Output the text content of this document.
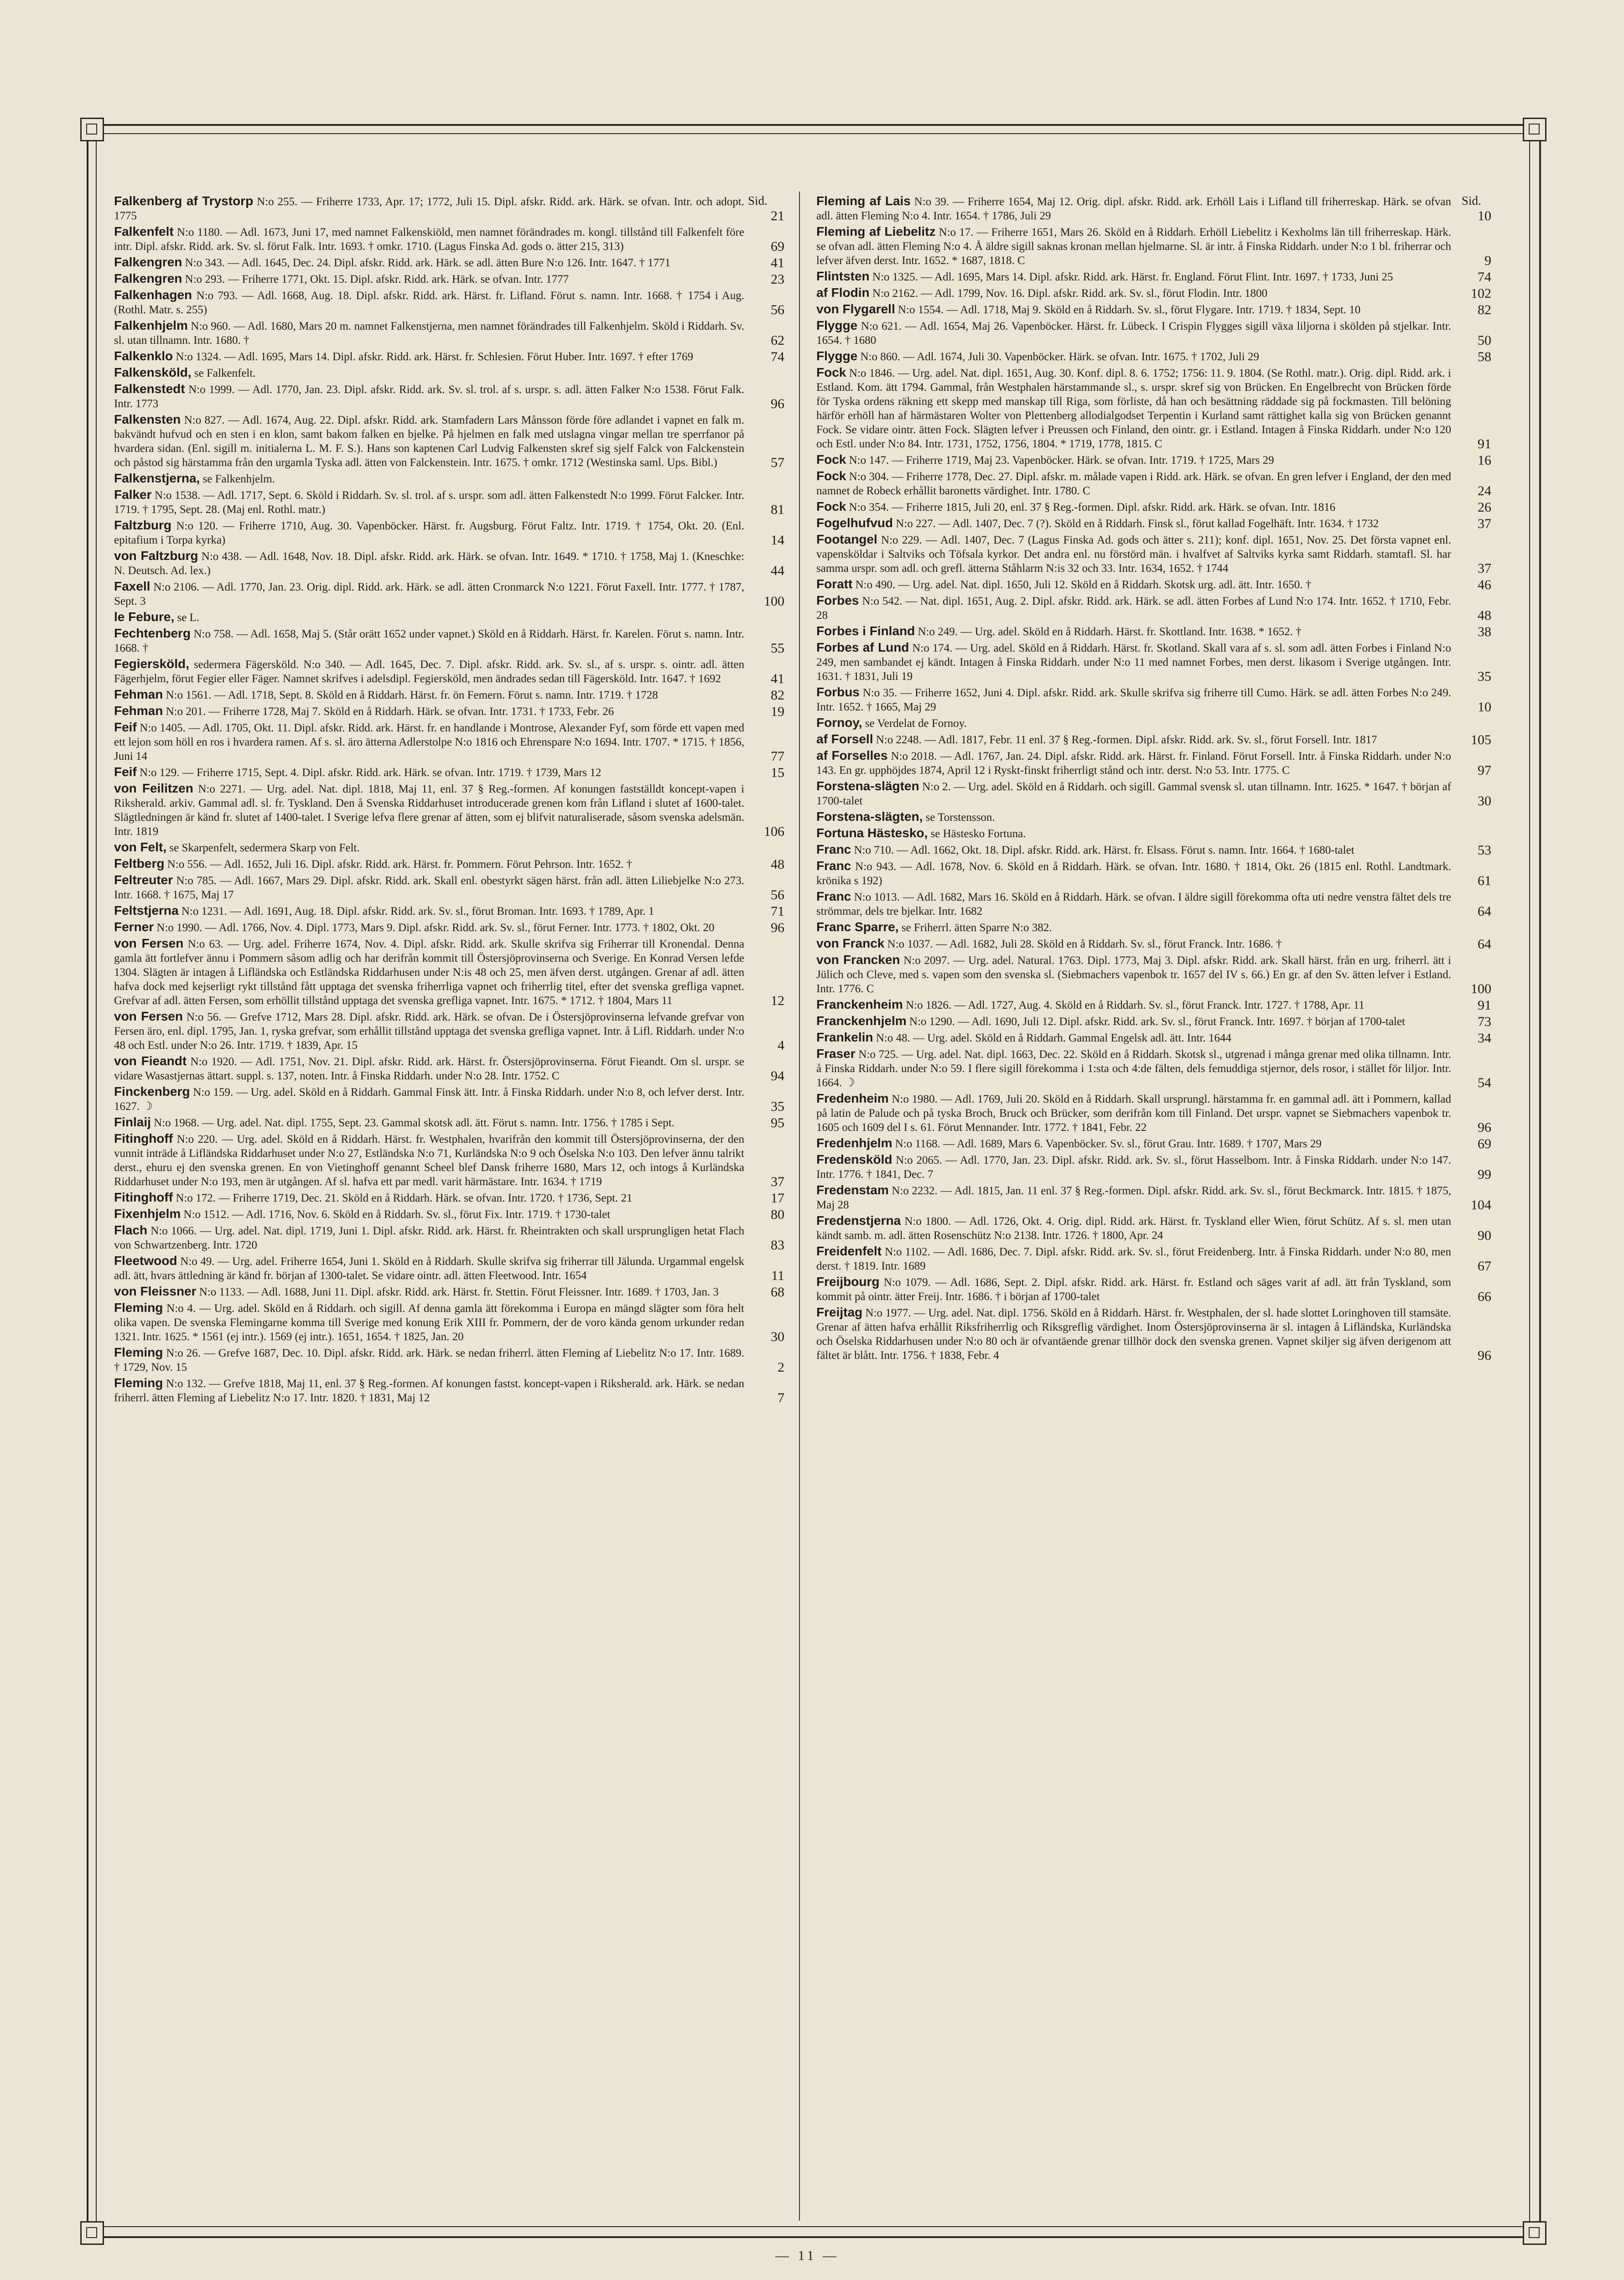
Sid.	Sid.
Falkenberg af Trystorp N:o 255. — Friherre 1733, Apr. 17; 1772, Juli 15. Dipl. afskr. Ridd. ark. Härk. se ofvan. Intr. och adopt. 1775	21
Falkenfelt N:o 1180. — Adl. 1673, Juni 17, med namnet Falkenskiöld, men namnet förändrades m. kongl. tillstånd till Falkenfelt före intr. Dipl. afskr. Ridd. ark. Sv. sl. förut Falk. Intr. 1693. † omkr. 1710. (Lagus Finska Ad. gods o. ätter 215, 313)	69
Falkengren N:o 343. — Adl. 1645, Dec. 24. Dipl. afskr. Ridd. ark. Härk. se adl. ätten Bure N:o 126. Intr. 1647. † 1771	41
Falkengren N:o 293. — Friherre 1771, Okt. 15. Dipl. afskr. Ridd. ark. Härk. se ofvan. Intr. 1777	23
Falkenhagen N:o 793. — Adl. 1668, Aug. 18. Dipl. afskr. Ridd. ark. Härst. fr. Lifland. Förut s. namn. Intr. 1668. † 1754 i Aug. (Rothl. Matr. s. 255)	56
Falkenhjelm N:o 960. — Adl. 1680, Mars 20 m. namnet Falkenstjerna, men namnet förändrades till Falkenhjelm. Sköld i Riddarh. Sv. sl. utan tillnamn. Intr. 1680. †	62
Falkenklo N:o 1324. — Adl. 1695, Mars 14. Dipl. afskr. Ridd. ark. Härst. fr. Schlesien. Förut Huber. Intr. 1697. † efter 1769	74
Falkensköld, se Falkenfelt.
Falkenstedt N:o 1999. — Adl. 1770, Jan. 23. Dipl. afskr. Ridd. ark. Sv. sl. trol. af s. urspr. s. adl. ätten Falker N:o 1538. Förut Falk. Intr. 1773	96
Falkensten N:o 827. — Adl. 1674, Aug. 22. Dipl. afskr. Ridd. ark. Stamfadern Lars Månsson förde före adlandet i vapnet en falk m. bakvändt hufvud och en sten i en klon, samt bakom falken en bjelke. På hjelmen en falk med utslagna vingar mellan tre sperrfanor på hvardera sidan. (Enl. sigill m. initialerna L. M. F. S.). Hans son kaptenen Carl Ludvig Falkensten skref sig sjelf Falck von Falckenstein och påstod sig härstamma från den urgamla Tyska adl. ätten von Falckenstein. Intr. 1675. † omkr. 1712 (Westinska saml. Ups. Bibl.)	57
Falkenstjerna, se Falkenhjelm.
Falker N:o 1538. — Adl. 1717, Sept. 6. Sköld i Riddarh. Sv. sl. trol. af s. urspr. som adl. ätten Falkenstedt N:o 1999. Förut Falcker. Intr. 1719. † 1795, Sept. 28. (Maj enl. Rothl. matr.)	81
Faltzburg N:o 120. — Friherre 1710, Aug. 30. Vapenböcker. Härst. fr. Augsburg. Förut Faltz. Intr. 1719. † 1754, Okt. 20. (Enl. epitafium i Torpa kyrka)	14
von Faltzburg N:o 438. — Adl. 1648, Nov. 18. Dipl. afskr. Ridd. ark. Härk. se ofvan. Intr. 1649. * 1710. † 1758, Maj 1. (Kneschke: N. Deutsch. Ad. lex.)	44
Faxell N:o 2106. — Adl. 1770, Jan. 23. Orig. dipl. Ridd. ark. Härk. se adl. ätten Cronmarck N:o 1221. Förut Faxell. Intr. 1777. † 1787, Sept. 3	100
le Febure, se L.
Fechtenberg N:o 758. — Adl. 1658, Maj 5. (Står orätt 1652 under vapnet.) Sköld en å Riddarh. Härst. fr. Karelen. Förut s. namn. Intr. 1668. †	55
Fegiersköld, sedermera Fägersköld. N:o 340. — Adl. 1645, Dec. 7. Dipl. afskr. Ridd. ark. Sv. sl., af s. urspr. s. ointr. adl. ätten Fägerhjelm, förut Fegier eller Fäger. Namnet skrifves i adelsdipl. Fegiersköld, men ändrades sedan till Fägersköld. Intr. 1647. † 1692	41
Fehman N:o 1561. — Adl. 1718, Sept. 8. Sköld en å Riddarh. Härst. fr. ön Femern. Förut s. namn. Intr. 1719. † 1728	82
Fehman N:o 201. — Friherre 1728, Maj 7. Sköld en å Riddarh. Härk. se ofvan. Intr. 1731. † 1733, Febr. 26	19
Feif N:o 1405. — Adl. 1705, Okt. 11. Dipl. afskr. Ridd. ark. Härst. fr. en handlande i Montrose, Alexander Fyf, som förde ett vapen med ett lejon som höll en ros i hvardera ramen. Af s. sl. äro ätterna Adlerstolpe N:o 1816 och Ehrenspare N:o 1694. Intr. 1707. * 1715. † 1856, Juni 14	77
Feif N:o 129. — Friherre 1715, Sept. 4. Dipl. afskr. Ridd. ark. Härk. se ofvan. Intr. 1719. † 1739, Mars 12	15
von Feilitzen N:o 2271. — Urg. adel. Nat. dipl. 1818, Maj 11, enl. 37 § Reg.-formen. Af konungen fastställdt koncept-vapen i Riksherald. arkiv. Gammal adl. sl. fr. Tyskland. Den å Svenska Riddarhuset introducerade grenen kom från Lifland i slutet af 1600-talet. Slägtledningen är känd fr. slutet af 1400-talet. I Sverige lefva flere grenar af ätten, som ej blifvit naturaliserade, såsom svenska adelsmän. Intr. 1819	106
von Felt, se Skarpenfelt, sedermera Skarp von Felt.
Feltberg N:o 556. — Adl. 1652, Juli 16. Dipl. afskr. Ridd. ark. Härst. fr. Pommern. Förut Pehrson. Intr. 1652. †	48
Feltreuter N:o 785. — Adl. 1667, Mars 29. Dipl. afskr. Ridd. ark. Skall enl. obestyrkt sägen härst. från adl. ätten Liliebjelke N:o 273. Intr. 1668. † 1675, Maj 17	56
Feltstjerna N:o 1231. — Adl. 1691, Aug. 18. Dipl. afskr. Ridd. ark. Sv. sl., förut Broman. Intr. 1693. † 1789, Apr. 1	71
Ferner N:o 1990. — Adl. 1766, Nov. 4. Dipl. 1773, Mars 9. Dipl. afskr. Ridd. ark. Sv. sl., förut Ferner. Intr. 1773. † 1802, Okt. 20	96
von Fersen N:o 63. — Urg. adel. Friherre 1674, Nov. 4. Dipl. afskr. Ridd. ark. Skulle skrifva sig Friherrar till Kronendal. Denna gamla ätt fortlefver ännu i Pommern såsom adlig och har derifrån kommit till Östersjöprovinserna och Sverige. En Konrad Versen lefde 1304. Slägten är intagen å Lifländska och Estländska Riddarhusen under N:is 48 och 25, men äfven derst. utgången. Grenar af adl. ätten hafva dock med kejserligt rykt tillstånd fått upptaga det svenska friherrliga vapnet och friherrlig titel, efter det svenska grefliga vapnet. Grefvar af adl. ätten Fersen, som erhöllit tillstånd upptaga det svenska grefliga vapnet. Intr. 1675. * 1712. † 1804, Mars 11	12
von Fersen N:o 56. — Grefve 1712, Mars 28. Dipl. afskr. Ridd. ark. Härk. se ofvan. De i Östersjöprovinserna lefvande grefvar von Fersen äro, enl. dipl. 1795, Jan. 1, ryska grefvar, som erhållit tillstånd upptaga det svenska grefliga vapnet. Intr. å Lifl. Riddarh. under N:o 48 och Estl. under N:o 26. Intr. 1719. † 1839, Apr. 15	4
von Fieandt N:o 1920. — Adl. 1751, Nov. 21. Dipl. afskr. Ridd. ark. Härst. fr. Östersjöprovinserna. Förut Fieandt. Om sl. urspr. se vidare Wasastjernas ättart. suppl. s. 137, noten. Intr. å Finska Riddarh. under N:o 28. Intr. 1752. C	94
Finckenberg N:o 159. — Urg. adel. Sköld en å Riddarh. Gammal Finsk ätt. Intr. å Finska Riddarh. under N:o 8, och lefver derst. Intr. 1627. ☽	35
Finlaij N:o 1968. — Urg. adel. Nat. dipl. 1755, Sept. 23. Gammal skotsk adl. ätt. Förut s. namn. Intr. 1756. † 1785 i Sept.	95
Fitinghoff N:o 220. — Urg. adel. Sköld en å Riddarh. Härst. fr. Westphalen, hvarifrån den kommit till Östersjöprovinserna, der den vunnit inträde å Lifländska Riddarhuset under N:o 27, Estländska N:o 71, Kurländska N:o 9 och Öselska N:o 103. Den lefver ännu talrikt derst., ehuru ej den svenska grenen. En von Vietinghoff genannt Scheel blef Dansk friherre 1680, Mars 12, och intogs å Kurländska Riddarhuset under N:o 193, men är utgången. Af sl. hafva ett par medl. varit härmästare. Intr. 1634. † 1719	37
Fitinghoff N:o 172. — Friherre 1719, Dec. 21. Sköld en å Riddarh. Härk. se ofvan. Intr. 1720. † 1736, Sept. 21	17
Fixenhjelm N:o 1512. — Adl. 1716, Nov. 6. Sköld en å Riddarh. Sv. sl., förut Fix. Intr. 1719. † 1730-talet	80
Flach N:o 1066. — Urg. adel. Nat. dipl. 1719, Juni 1. Dipl. afskr. Ridd. ark. Härst. fr. Rheintrakten och skall ursprungligen hetat Flach von Schwartzenberg. Intr. 1720	83
Fleetwood N:o 49. — Urg. adel. Friherre 1654, Juni 1. Sköld en å Riddarh. Skulle skrifva sig friherrar till Jälunda. Urgammal engelsk adl. ätt, hvars ättledning är känd fr. början af 1300-talet. Se vidare ointr. adl. ätten Fleetwood. Intr. 1654	11
von Fleissner N:o 1133. — Adl. 1688, Juni 11. Dipl. afskr. Ridd. ark. Härst. fr. Stettin. Förut Fleissner. Intr. 1689. † 1703, Jan. 3	68
Fleming N:o 4. — Urg. adel. Sköld en å Riddarh. och sigill. Af denna gamla ätt förekomma i Europa en mängd slägter som föra helt olika vapen. De svenska Flemingarne komma till Sverige med konung Erik XIII fr. Pommern, der de voro kända genom urkunder redan 1321. Intr. 1625. * 1561 (ej intr.). 1569 (ej intr.). 1651, 1654. † 1825, Jan. 20	30
Fleming N:o 26. — Grefve 1687, Dec. 10. Dipl. afskr. Ridd. ark. Härk. se nedan friherrl. ätten Fleming af Liebelitz N:o 17. Intr. 1689. † 1729, Nov. 15	2
Fleming N:o 132. — Grefve 1818, Maj 11, enl. 37 § Reg.-formen. Af konungen fastst. koncept-vapen i Riksherald. ark. Härk. se nedan friherrl. ätten Fleming af Liebelitz N:o 17. Intr. 1820. † 1831, Maj 12	7
Fleming af Lais N:o 39. — Friherre 1654, Maj 12. Orig. dipl. afskr. Ridd. ark. Erhöll Lais i Lifland till friherreskap. Härk. se ofvan adl. ätten Fleming N:o 4. Intr. 1654. † 1786, Juli 29	10
Fleming af Liebelitz N:o 17. — Friherre 1651, Mars 26. Sköld en å Riddarh. Erhöll Liebelitz i Kexholms län till friherreskap. Härk. se ofvan adl. ätten Fleming N:o 4. Å äldre sigill saknas kronan mellan hjelmarne. Sl. är intr. å Finska Riddarh. under N:o 1 bl. friherrar och lefver äfven derst. Intr. 1652. * 1687, 1818. C	9
Flintsten N:o 1325. — Adl. 1695, Mars 14. Dipl. afskr. Ridd. ark. Härst. fr. England. Förut Flint. Intr. 1697. † 1733, Juni 25	74
af Flodin N:o 2162. — Adl. 1799, Nov. 16. Dipl. afskr. Ridd. ark. Sv. sl., förut Flodin. Intr. 1800	102
von Flygarell N:o 1554. — Adl. 1718, Maj 9. Sköld en å Riddarh. Sv. sl., förut Flygare. Intr. 1719. † 1834, Sept. 10	82
Flygge N:o 621. — Adl. 1654, Maj 26. Vapenböcker. Härst. fr. Lübeck. I Crispin Flygges sigill växa liljorna i skölden på stjelkar. Intr. 1654. † 1680	50
Flygge N:o 860. — Adl. 1674, Juli 30. Vapenböcker. Härk. se ofvan. Intr. 1675. † 1702, Juli 29	58
Fock N:o 1846. — Urg. adel. Nat. dipl. 1651, Aug. 30. Konf. dipl. 8. 6. 1752; 1756: 11. 9. 1804. (Se Rothl. matr.). Orig. dipl. Ridd. ark. i Estland. Kom. ätt 1794. Gammal, från Westphalen härstammande sl., s. urspr. skref sig von Brücken. En Engelbrecht von Brücken förde för Tyska ordens räkning ett skepp med manskap till Riga, som förliste, då han och besättning räddade sig på fockmasten. Till belöning härför erhöll han af härmästaren Wolter von Plettenberg allodialgodset Terpentin i Kurland samt rättighet kalla sig von Brücken genannt Fock. Se vidare ointr. ätten Fock. Slägten lefver i Preussen och Finland, den ointr. gr. i Estland. Intagen å Finska Riddarh. under N:o 120 och Estl. under N:o 84. Intr. 1731, 1752, 1756, 1804. * 1719, 1778, 1815. C	91
Fock N:o 147. — Friherre 1719, Maj 23. Vapenböcker. Härk. se ofvan. Intr. 1719. † 1725, Mars 29	16
Fock N:o 304. — Friherre 1778, Dec. 27. Dipl. afskr. m. målade vapen i Ridd. ark. Härk. se ofvan. En gren lefver i England, der den med namnet de Robeck erhållit baronetts värdighet. Intr. 1780. C	24
Fock N:o 354. — Friherre 1815, Juli 20, enl. 37 § Reg.-formen. Dipl. afskr. Ridd. ark. Härk. se ofvan. Intr. 1816	26
Fogelhufvud N:o 227. — Adl. 1407, Dec. 7 (?). Sköld en å Riddarh. Finsk sl., förut kallad Fogelhäft. Intr. 1634. † 1732	37
Footangel N:o 229. — Adl. 1407, Dec. 7 (Lagus Finska Ad. gods och ätter s. 211); konf. dipl. 1651, Nov. 25. Det första vapnet enl. vapensköldar i Saltviks och Töfsala kyrkor. Det andra enl. nu förstörd män. i hvalfvet af Saltviks kyrka samt Riddarh. stamtafl. Sl. har samma urspr. som adl. och grefl. ätterna Ståhlarm N:is 32 och 33. Intr. 1634, 1652. † 1744	37
Foratt N:o 490. — Urg. adel. Nat. dipl. 1650, Juli 12. Sköld en å Riddarh. Skotsk urg. adl. ätt. Intr. 1650. †	46
Forbes N:o 542. — Nat. dipl. 1651, Aug. 2. Dipl. afskr. Ridd. ark. Härk. se adl. ätten Forbes af Lund N:o 174. Intr. 1652. † 1710, Febr. 28	48
Forbes i Finland N:o 249. — Urg. adel. Sköld en å Riddarh. Härst. fr. Skottland. Intr. 1638. * 1652. †	38
Forbes af Lund N:o 174. — Urg. adel. Sköld en å Riddarh. Härst. fr. Skotland. Skall vara af s. sl. som adl. ätten Forbes i Finland N:o 249, men sambandet ej kändt. Intagen å Finska Riddarh. under N:o 11 med namnet Forbes, men derst. likasom i Sverige utgången. Intr. 1631. † 1831, Juli 19	35
Forbus N:o 35. — Friherre 1652, Juni 4. Dipl. afskr. Ridd. ark. Skulle skrifva sig friherre till Cumo. Härk. se adl. ätten Forbes N:o 249. Intr. 1652. † 1665, Maj 29	10
Fornoy, se Verdelat de Fornoy.
af Forsell N:o 2248. — Adl. 1817, Febr. 11 enl. 37 § Reg.-formen. Dipl. afskr. Ridd. ark. Sv. sl., förut Forsell. Intr. 1817	105
af Forselles N:o 2018. — Adl. 1767, Jan. 24. Dipl. afskr. Ridd. ark. Härst. fr. Finland. Förut Forsell. Intr. å Finska Riddarh. under N:o 143. En gr. upphöjdes 1874, April 12 i Ryskt-finskt friherrligt stånd och intr. derst. N:o 53. Intr. 1775. C	97
Forstena-slägten N:o 2. — Urg. adel. Sköld en å Riddarh. och sigill. Gammal svensk sl. utan tillnamn. Intr. 1625. * 1647. † början af 1700-talet	30
Forstena-slägten, se Torstensson.
Fortuna Hästesko, se Hästesko Fortuna.
Franc N:o 710. — Adl. 1662, Okt. 18. Dipl. afskr. Ridd. ark. Härst. fr. Elsass. Förut s. namn. Intr. 1664. † 1680-talet	53
Franc N:o 943. — Adl. 1678, Nov. 6. Sköld en å Riddarh. Härk. se ofvan. Intr. 1680. † 1814, Okt. 26 (1815 enl. Rothl. Landtmark. krönika s 192)	61
Franc N:o 1013. — Adl. 1682, Mars 16. Sköld en å Riddarh. Härk. se ofvan. I äldre sigill förekomma ofta uti nedre venstra fältet dels tre strömmar, dels tre bjelkar. Intr. 1682	64
Franc Sparre, se Friherrl. ätten Sparre N:o 382.
von Franck N:o 1037. — Adl. 1682, Juli 28. Sköld en å Riddarh. Sv. sl., förut Franck. Intr. 1686. †	64
von Francken N:o 2097. — Urg. adel. Natural. 1763. Dipl. 1773, Maj 3. Dipl. afskr. Ridd. ark. Skall härst. från en urg. friherrl. ätt i Jülich och Cleve, med s. vapen som den svenska sl. (Siebmachers vapenbok tr. 1657 del IV s. 66.) En gr. af den Sv. ätten lefver i Estland. Intr. 1776. C	100
Franckenheim N:o 1826. — Adl. 1727, Aug. 4. Sköld en å Riddarh. Sv. sl., förut Franck. Intr. 1727. † 1788, Apr. 11	91
Franckenhjelm N:o 1290. — Adl. 1690, Juli 12. Dipl. afskr. Ridd. ark. Sv. sl., förut Franck. Intr. 1697. † början af 1700-talet	73
Frankelin N:o 48. — Urg. adel. Sköld en å Riddarh. Gammal Engelsk adl. ätt. Intr. 1644	34
Fraser N:o 725. — Urg. adel. Nat. dipl. 1663, Dec. 22. Sköld en å Riddarh. Skotsk sl., utgrenad i många grenar med olika tillnamn. Intr. å Finska Riddarh. under N:o 59. I flere sigill förekomma i 1:sta och 4:de fälten, dels femuddiga stjernor, dels rosor, i stället för liljor. Intr. 1664. ☽	54
Fredenheim N:o 1980. — Adl. 1769, Juli 20. Sköld en å Riddarh. Skall ursprungl. härstamma fr. en gammal adl. ätt i Pommern, kallad på latin de Palude och på tyska Broch, Bruck och Brücker, som derifrån kom till Finland. Det urspr. vapnet se Siebmachers vapenbok tr. 1605 och 1609 del I s. 61. Förut Mennander. Intr. 1772. † 1841, Febr. 22	96
Fredenhjelm N:o 1168. — Adl. 1689, Mars 6. Vapenböcker. Sv. sl., förut Grau. Intr. 1689. † 1707, Mars 29	69
Fredensköld N:o 2065. — Adl. 1770, Jan. 23. Dipl. afskr. Ridd. ark. Sv. sl., förut Hasselbom. Intr. å Finska Riddarh. under N:o 147. Intr. 1776. † 1841, Dec. 7	99
Fredenstam N:o 2232. — Adl. 1815, Jan. 11 enl. 37 § Reg.-formen. Dipl. afskr. Ridd. ark. Sv. sl., förut Beckmarck. Intr. 1815. † 1875, Maj 28	104
Fredenstjerna N:o 1800. — Adl. 1726, Okt. 4. Orig. dipl. Ridd. ark. Härst. fr. Tyskland eller Wien, förut Schütz. Af s. sl. men utan kändt samb. m. adl. ätten Rosenschütz N:o 2138. Intr. 1726. † 1800, Apr. 24	90
Freidenfelt N:o 1102. — Adl. 1686, Dec. 7. Dipl. afskr. Ridd. ark. Sv. sl., förut Freidenberg. Intr. å Finska Riddarh. under N:o 80, men derst. † 1819. Intr. 1689	67
Freijbourg N:o 1079. — Adl. 1686, Sept. 2. Dipl. afskr. Ridd. ark. Härst. fr. Estland och säges varit af adl. ätt från Tyskland, som kommit på ointr. ätter Freij. Intr. 1686. † i början af 1700-talet	66
Freijtag N:o 1977. — Urg. adel. Nat. dipl. 1756. Sköld en å Riddarh. Härst. fr. Westphalen, der sl. hade slottet Loringhoven till stamsäte. Grenar af ätten hafva erhållit Riksfriherrlig och Riksgreflig värdighet. Inom Östersjöprovinserna är sl. intagen å Lifländska, Kurländska och Öselska Riddarhusen under N:o 80 och är ofvantäende grenar tillhör dock den svenska grenen. Vapnet skiljer sig äfven derigenom att fältet är blått. Intr. 1756. † 1838, Febr. 4	96
— 11 —
